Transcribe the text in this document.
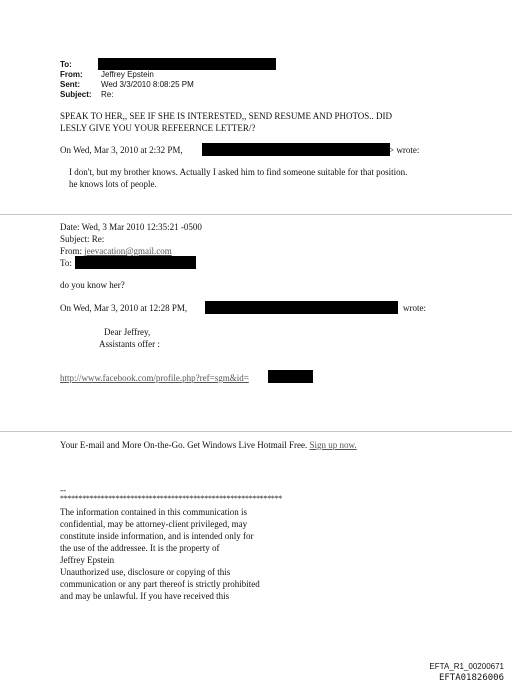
To:
From: Jeffrey Epstein
Sent:	Wed 3/3/2010 8:08:25 PM
Subject: Re:
SPEAK TO HER,, SEE IF SHE IS INTERESTED,, SEND RESUME AND PHOTOS.. DID
LESLY GIVE YOU YOUR REFEERNCE LETTER/?
On Wed, Mar 3, 2010 at 2:32 PM,	> wrote:
I don't, but my brother knows. Actually I asked him to find someone suitable for that position.
he knows lots of people.
Date: Wed, 3 Mar 2010 12:35:21 -0500
Subject: Re:
From: jeevacation@gmail.com
To:
do you know her?
On Wed, Mar 3, 2010 at 12:28 PM,	wrote:
Dear Jeffrey,
Assistants offer :
http://www.facebook.com/profile.php?ref=sgm&id=
Your E-mail and More On-the-Go. Get Windows Live Hotmail Free. Sign up now.
--
************************************************************
The information contained in this communication is
confidential, may be attorney-client privileged, may
constitute inside information, and is intended only for
the use of the addressee. It is the property of
Jeffrey Epstein
Unauthorized use, disclosure or copying of this
communication or any part thereof is strictly prohibited
and may be unlawful. If you have received this
EFTA_R1_00200671
EFTA01826006
